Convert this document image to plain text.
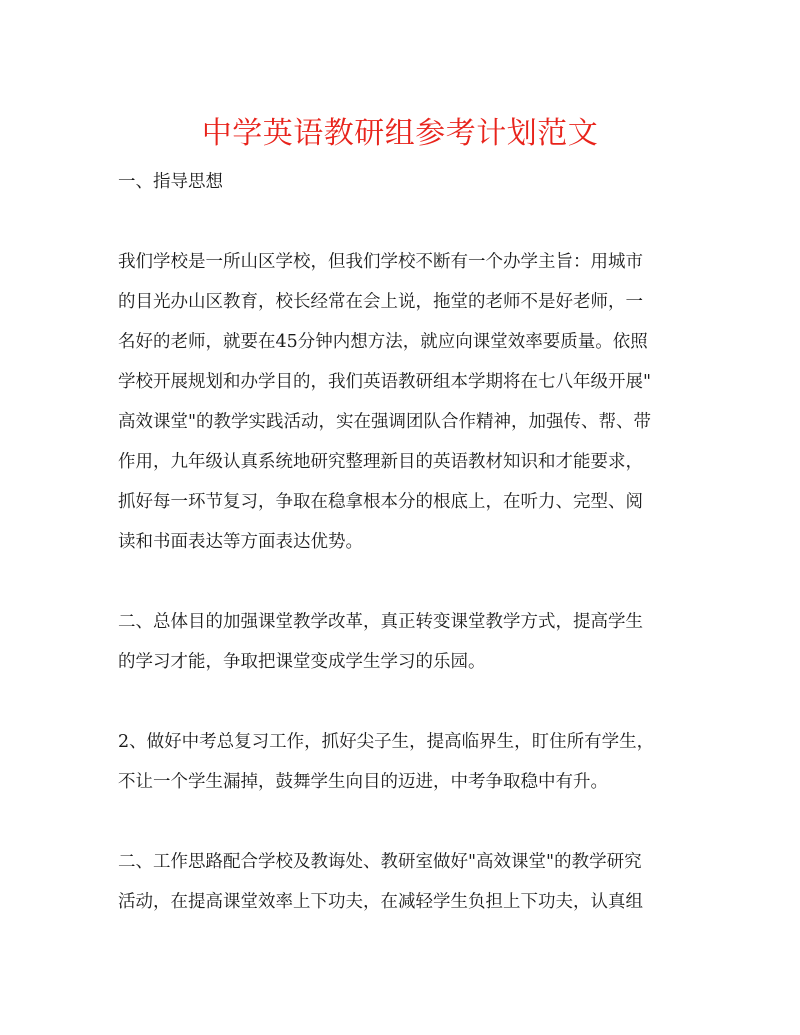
中学英语教研组参考计划范文

一、指导思想

我们学校是一所山区学校，但我们学校不断有一个办学主旨：用城市
的目光办山区教育，校长经常在会上说，拖堂的老师不是好老师，一
名好的老师，就要在45分钟内想方法，就应向课堂效率要质量。依照
学校开展规划和办学目的，我们英语教研组本学期将在七八年级开展"
高效课堂"的教学实践活动，实在强调团队合作精神，加强传、帮、带
作用，九年级认真系统地研究整理新目的英语教材知识和才能要求，
抓好每一环节复习，争取在稳拿根本分的根底上，在听力、完型、阅
读和书面表达等方面表达优势。

二、总体目的加强课堂教学改革，真正转变课堂教学方式，提高学生
的学习才能，争取把课堂变成学生学习的乐园。

2、做好中考总复习工作，抓好尖子生，提高临界生，盯住所有学生，
不让一个学生漏掉，鼓舞学生向目的迈进，中考争取稳中有升。

二、工作思路配合学校及教诲处、教研室做好"高效课堂"的教学研究
活动，在提高课堂效率上下功夫，在减轻学生负担上下功夫，认真组
